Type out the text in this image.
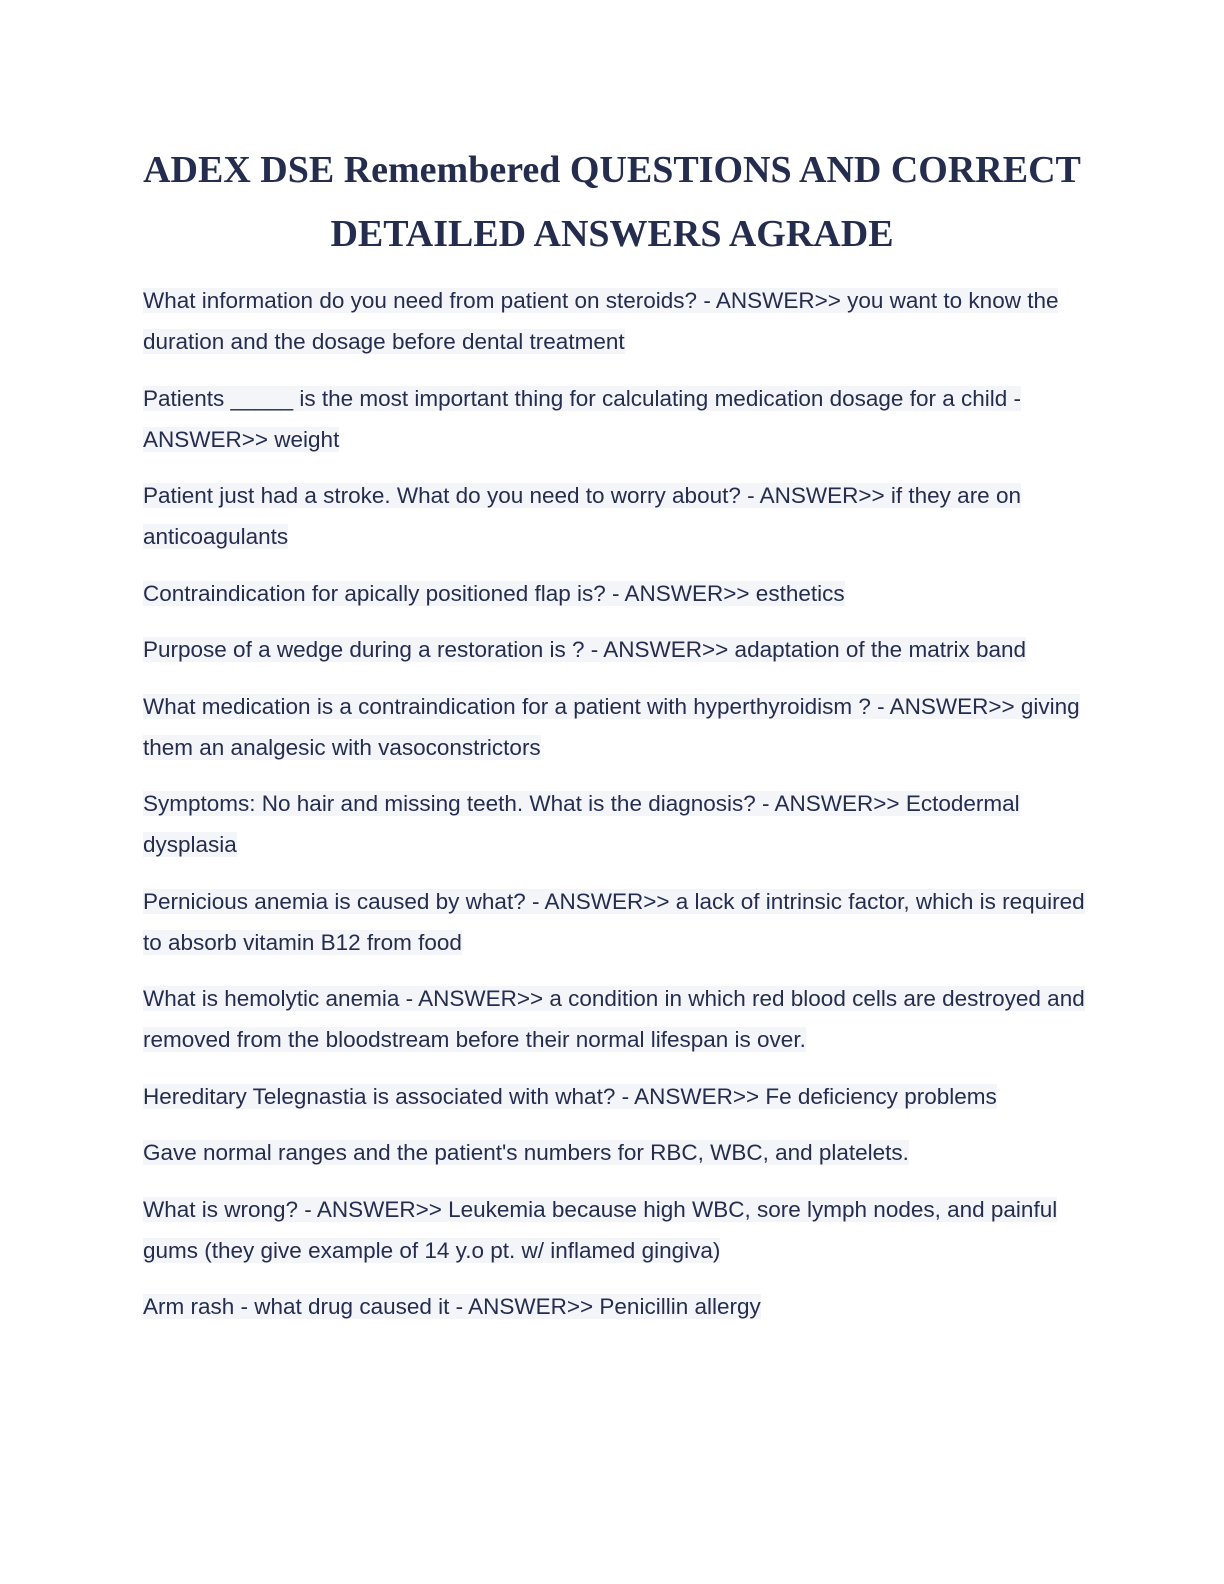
ADEX DSE Remembered QUESTIONS AND CORRECT
DETAILED ANSWERS AGRADE
What information do you need from patient on steroids? - ANSWER>> you want to know the duration and the dosage before dental treatment
Patients _____ is the most important thing for calculating medication dosage for a child - ANSWER>> weight
Patient just had a stroke. What do you need to worry about? - ANSWER>> if they are on anticoagulants
Contraindication for apically positioned flap is? - ANSWER>> esthetics
Purpose of a wedge during a restoration is ? - ANSWER>> adaptation of the matrix band
What medication is a contraindication for a patient with hyperthyroidism ? - ANSWER>> giving them an analgesic with vasoconstrictors
Symptoms: No hair and missing teeth. What is the diagnosis? - ANSWER>> Ectodermal dysplasia
Pernicious anemia is caused by what? - ANSWER>> a lack of intrinsic factor, which is required to absorb vitamin B12 from food
What is hemolytic anemia - ANSWER>> a condition in which red blood cells are destroyed and removed from the bloodstream before their normal lifespan is over.
Hereditary Telegnastia is associated with what? - ANSWER>> Fe deficiency problems
Gave normal ranges and the patient's numbers for RBC, WBC, and platelets.
What is wrong? - ANSWER>> Leukemia because high WBC, sore lymph nodes, and painful gums (they give example of 14 y.o pt. w/ inflamed gingiva)
Arm rash - what drug caused it - ANSWER>> Penicillin allergy
